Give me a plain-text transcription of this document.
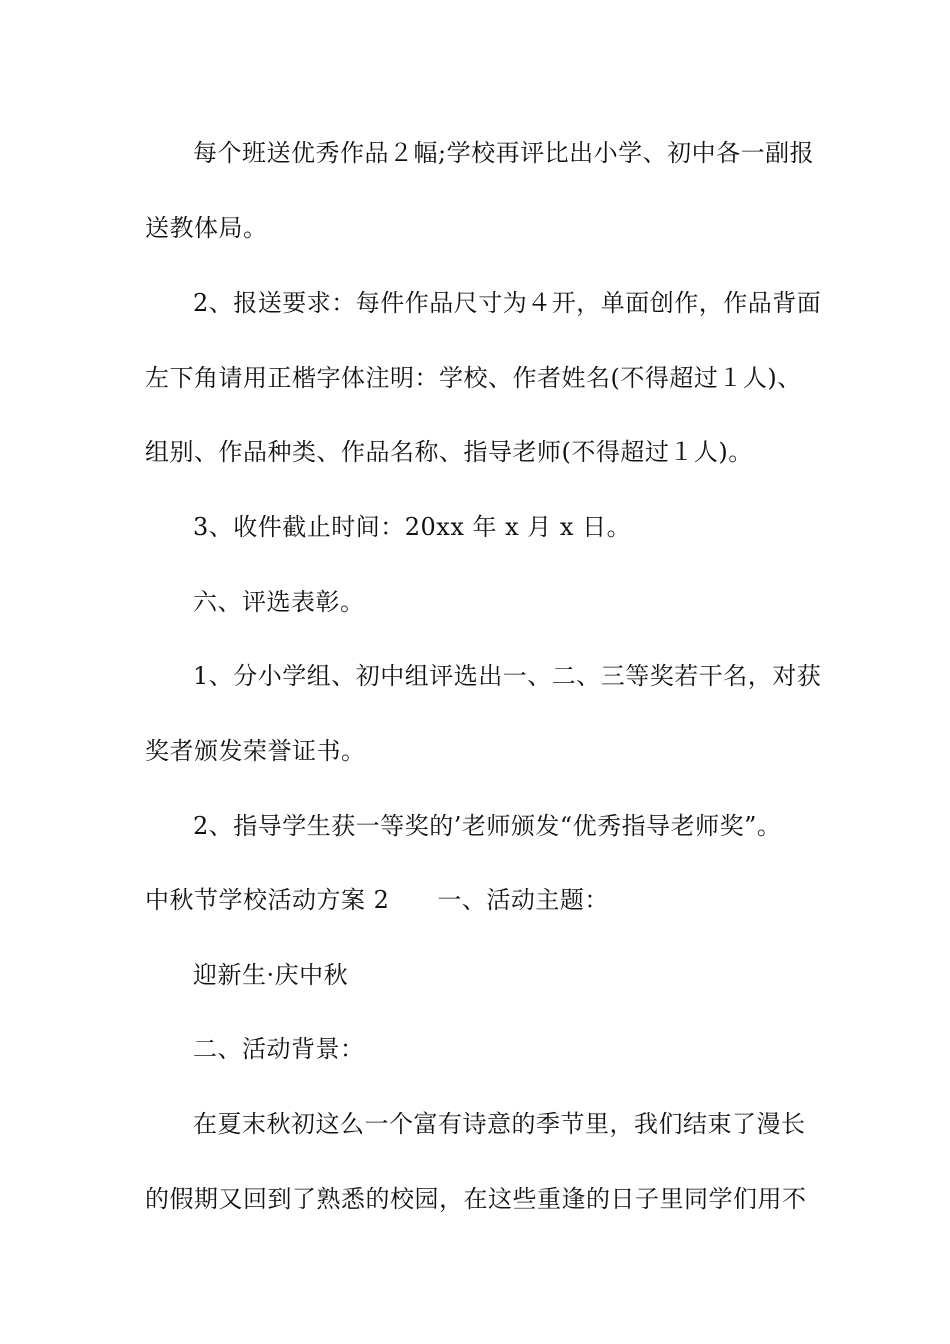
每个班送优秀作品２幅;学校再评比出小学、初中各一副报
送教体局。
2、报送要求：每件作品尺寸为４开，单面创作，作品背面
左下角请用正楷字体注明：学校、作者姓名(不得超过１人)、
组别、作品种类、作品名称、指导老师(不得超过１人)。
3、收件截止时间：20xx 年 x 月 x 日。
六、评选表彰。
1、分小学组、初中组评选出一、二、三等奖若干名，对获
奖者颁发荣誉证书。
2、指导学生获一等奖的’老师颁发“优秀指导老师奖”。
中秋节学校活动方案 2 一、活动主题：
迎新生·庆中秋
二、活动背景：
在夏末秋初这么一个富有诗意的季节里，我们结束了漫长
的假期又回到了熟悉的校园，在这些重逢的日子里同学们用不
